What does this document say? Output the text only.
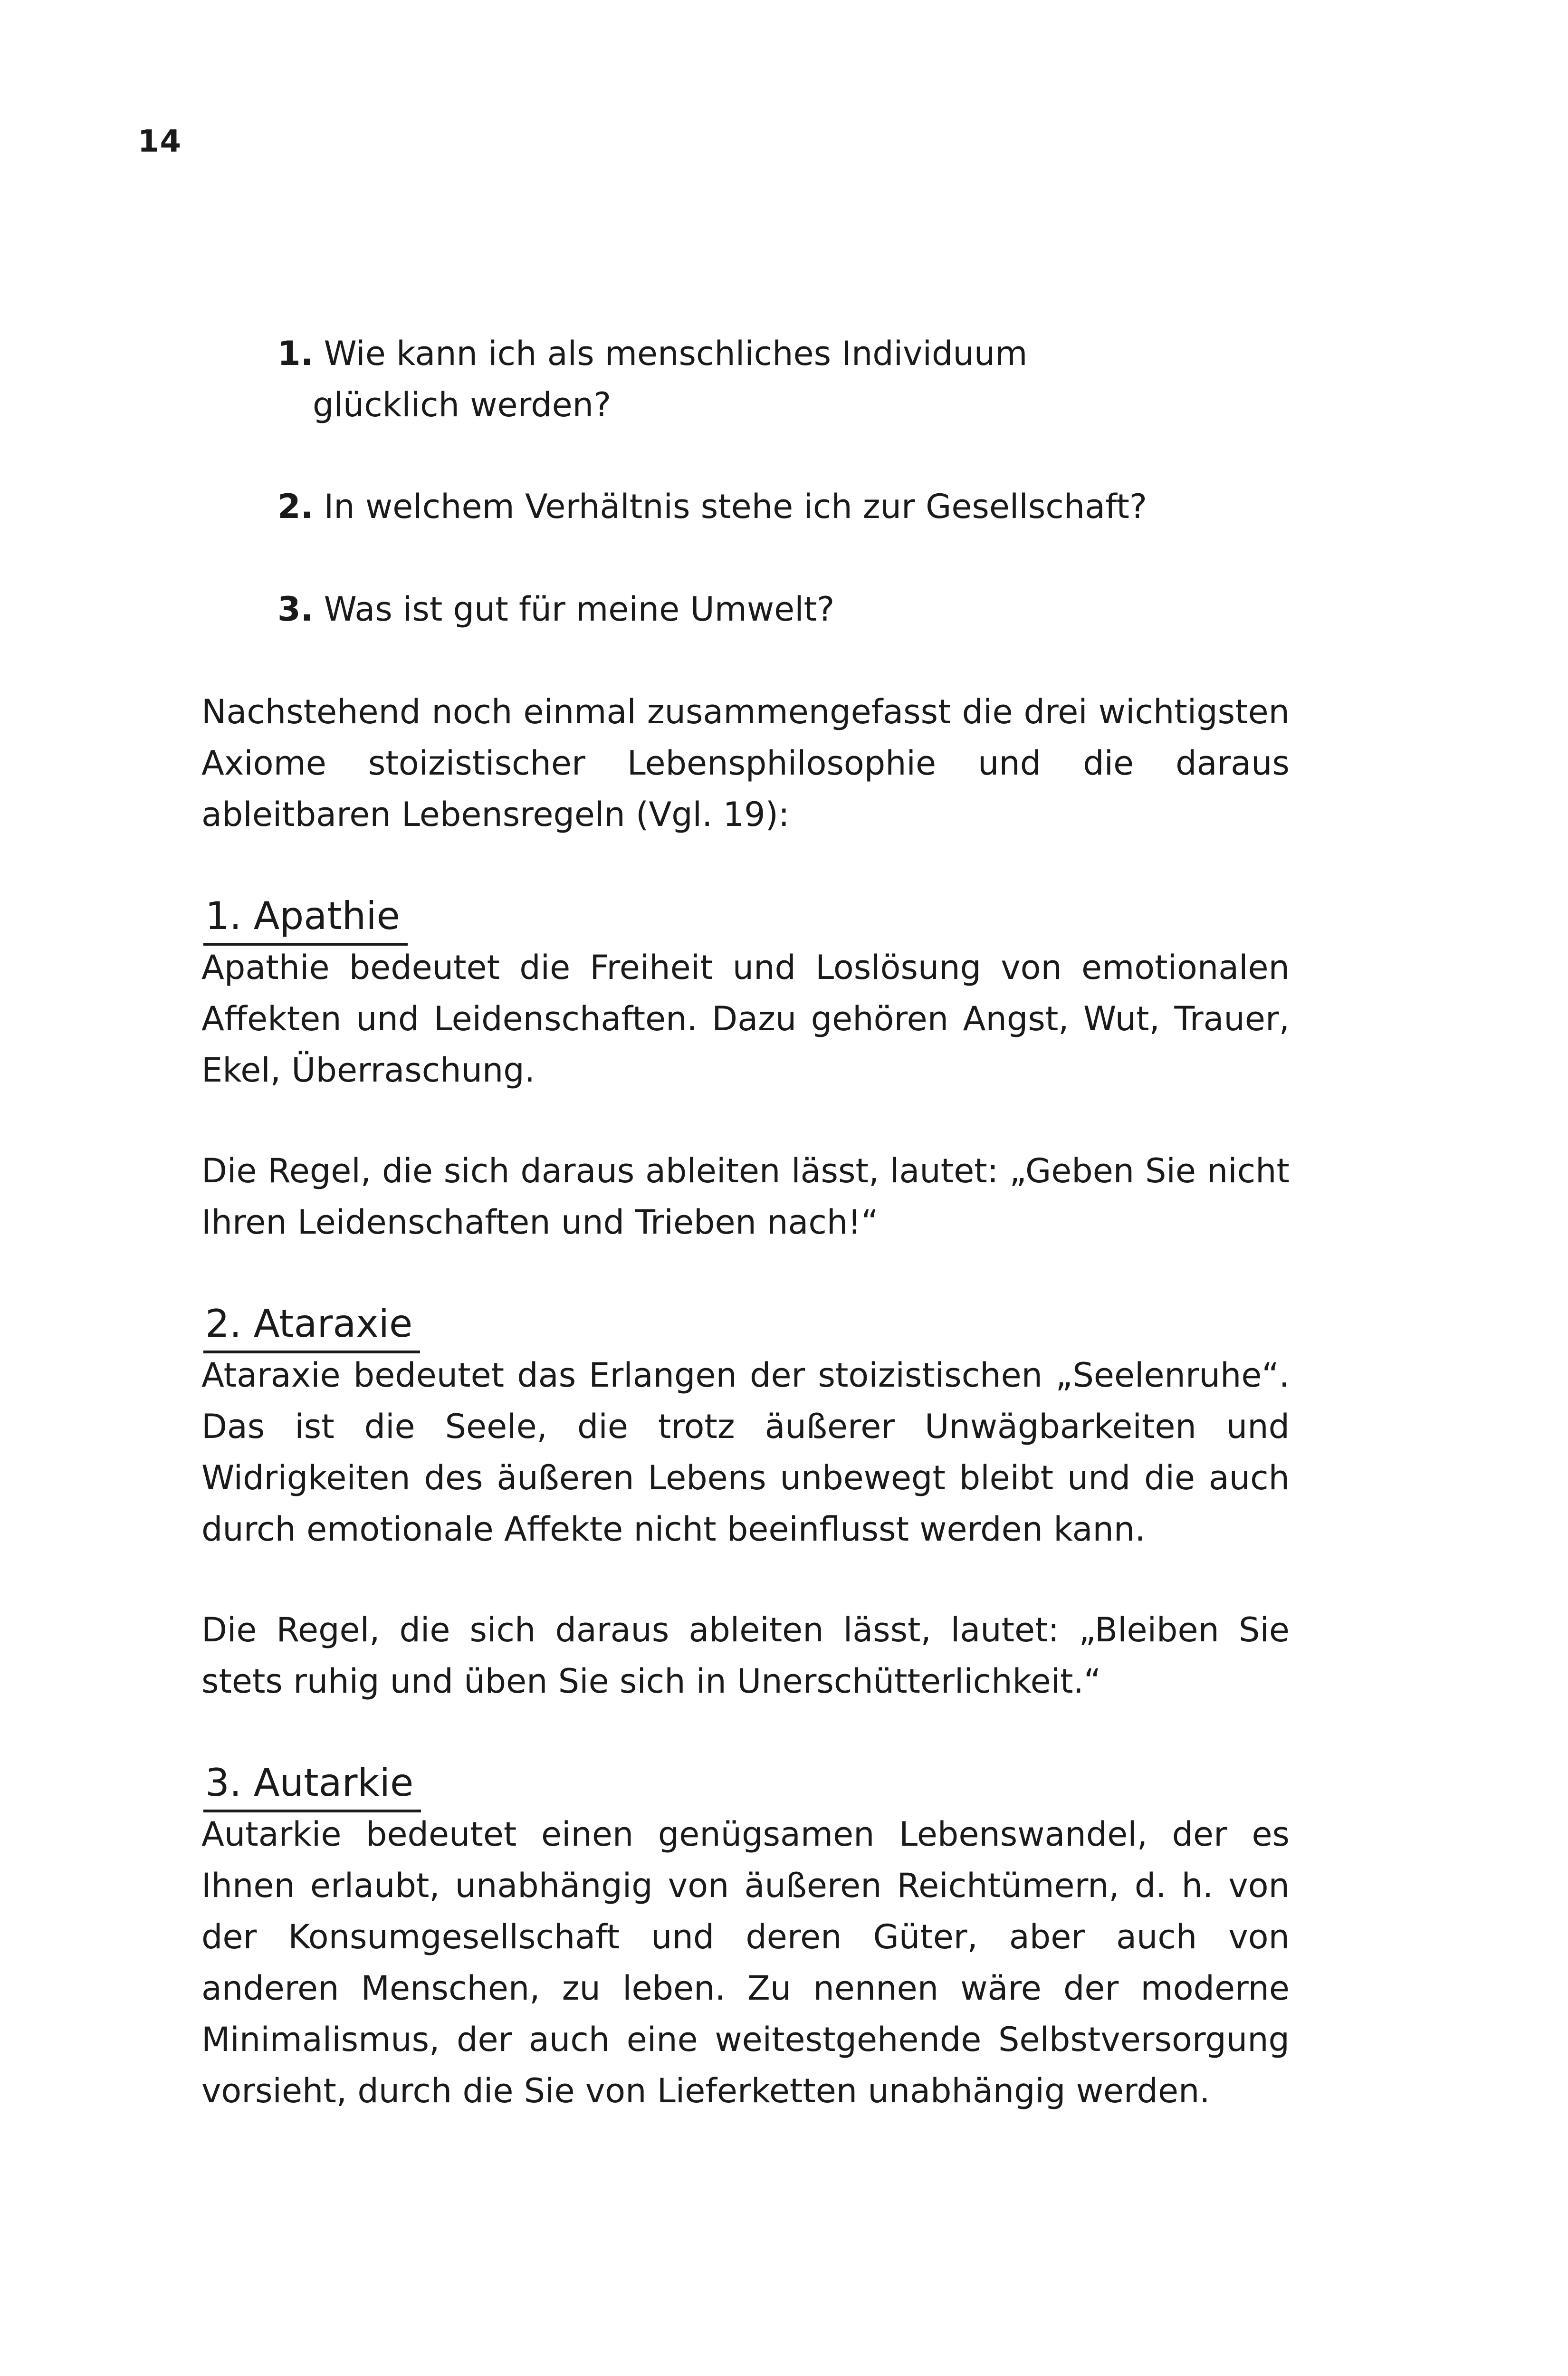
14
1. Wie kann ich als menschliches Individuum
glücklich werden?
2. In welchem Verhältnis stehe ich zur Gesellschaft?
3. Was ist gut für meine Umwelt?
Nachstehend noch einmal zusammengefasst die drei wichtigsten Axiome stoizistischer Lebensphilosophie und die daraus ableitbaren Lebensregeln (Vgl. 19):
1. Apathie
Apathie bedeutet die Freiheit und Loslösung von emotionalen Affekten und Leidenschaften. Dazu gehören Angst, Wut, Trauer, Ekel, Überraschung.
Die Regel, die sich daraus ableiten lässt, lautet: „Geben Sie nicht Ihren Leidenschaften und Trieben nach!“
2. Ataraxie
Ataraxie bedeutet das Erlangen der stoizistischen „Seelenruhe“. Das ist die Seele, die trotz äußerer Unwägbarkeiten und Widrigkeiten des äußeren Lebens unbewegt bleibt und die auch durch emotionale Affekte nicht beeinflusst werden kann.
Die Regel, die sich daraus ableiten lässt, lautet: „Bleiben Sie stets ruhig und üben Sie sich in Unerschütterlichkeit.“
3. Autarkie
Autarkie bedeutet einen genügsamen Lebenswandel, der es Ihnen erlaubt, unabhängig von äußeren Reichtümern, d. h. von der Konsumgesellschaft und deren Güter, aber auch von anderen Menschen, zu leben. Zu nennen wäre der moderne Minimalismus, der auch eine weitestgehende Selbstversorgung vorsieht, durch die Sie von Lieferketten unabhängig werden.
